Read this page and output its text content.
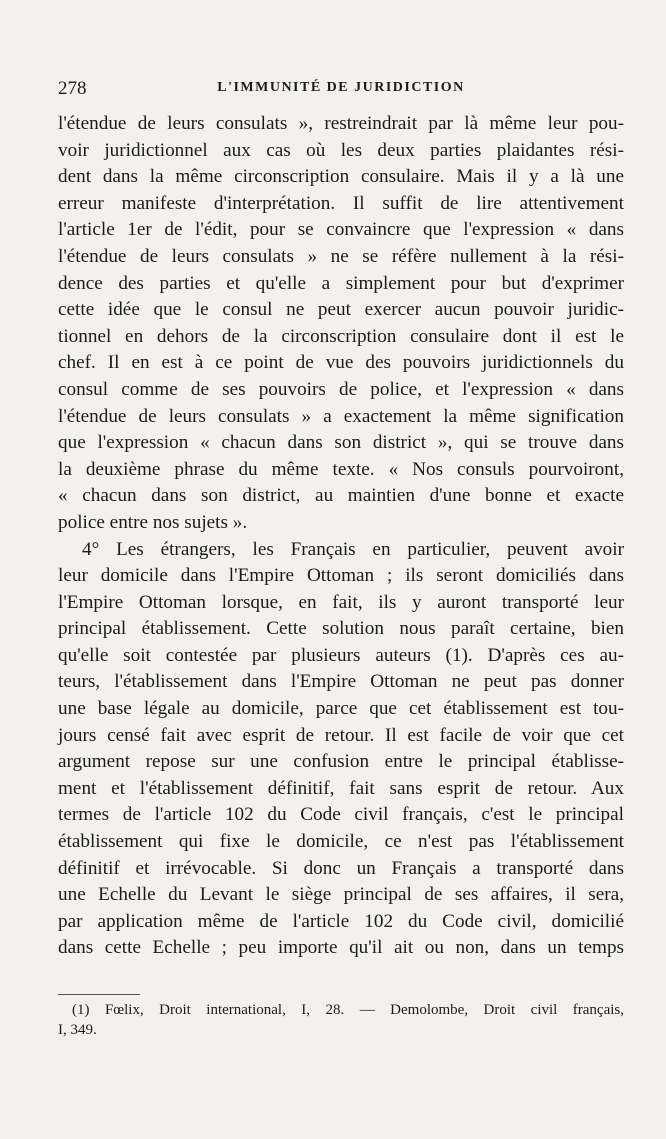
278	L'IMMUNITÉ DE JURIDICTION
l'étendue de leurs consulats », restreindrait par là même leur pou-
voir juridictionnel aux cas où les deux parties plaidantes rési-
dent dans la même circonscription consulaire. Mais il y a là une
erreur manifeste d'interprétation. Il suffit de lire attentivement
l'article 1er de l'édit, pour se convaincre que l'expression « dans
l'étendue de leurs consulats » ne se réfère nullement à la rési-
dence des parties et qu'elle a simplement pour but d'exprimer
cette idée que le consul ne peut exercer aucun pouvoir juridic-
tionnel en dehors de la circonscription consulaire dont il est le
chef. Il en est à ce point de vue des pouvoirs juridictionnels du
consul comme de ses pouvoirs de police, et l'expression « dans
l'étendue de leurs consulats » a exactement la même signification
que l'expression « chacun dans son district », qui se trouve dans
la deuxième phrase du même texte. « Nos consuls pourvoiront,
« chacun dans son district, au maintien d'une bonne et exacte
police entre nos sujets ».
4° Les étrangers, les Français en particulier, peuvent avoir
leur domicile dans l'Empire Ottoman ; ils seront domiciliés dans
l'Empire Ottoman lorsque, en fait, ils y auront transporté leur
principal établissement. Cette solution nous paraît certaine, bien
qu'elle soit contestée par plusieurs auteurs (1). D'après ces au-
teurs, l'établissement dans l'Empire Ottoman ne peut pas donner
une base légale au domicile, parce que cet établissement est tou-
jours censé fait avec esprit de retour. Il est facile de voir que cet
argument repose sur une confusion entre le principal établisse-
ment et l'établissement définitif, fait sans esprit de retour. Aux
termes de l'article 102 du Code civil français, c'est le principal
établissement qui fixe le domicile, ce n'est pas l'établissement
définitif et irrévocable. Si donc un Français a transporté dans
une Echelle du Levant le siège principal de ses affaires, il sera,
par application même de l'article 102 du Code civil, domicilié
dans cette Echelle ; peu importe qu'il ait ou non, dans un temps
(1) Fœlix, Droit international, I, 28. — Demolombe, Droit civil français,
I, 349.
